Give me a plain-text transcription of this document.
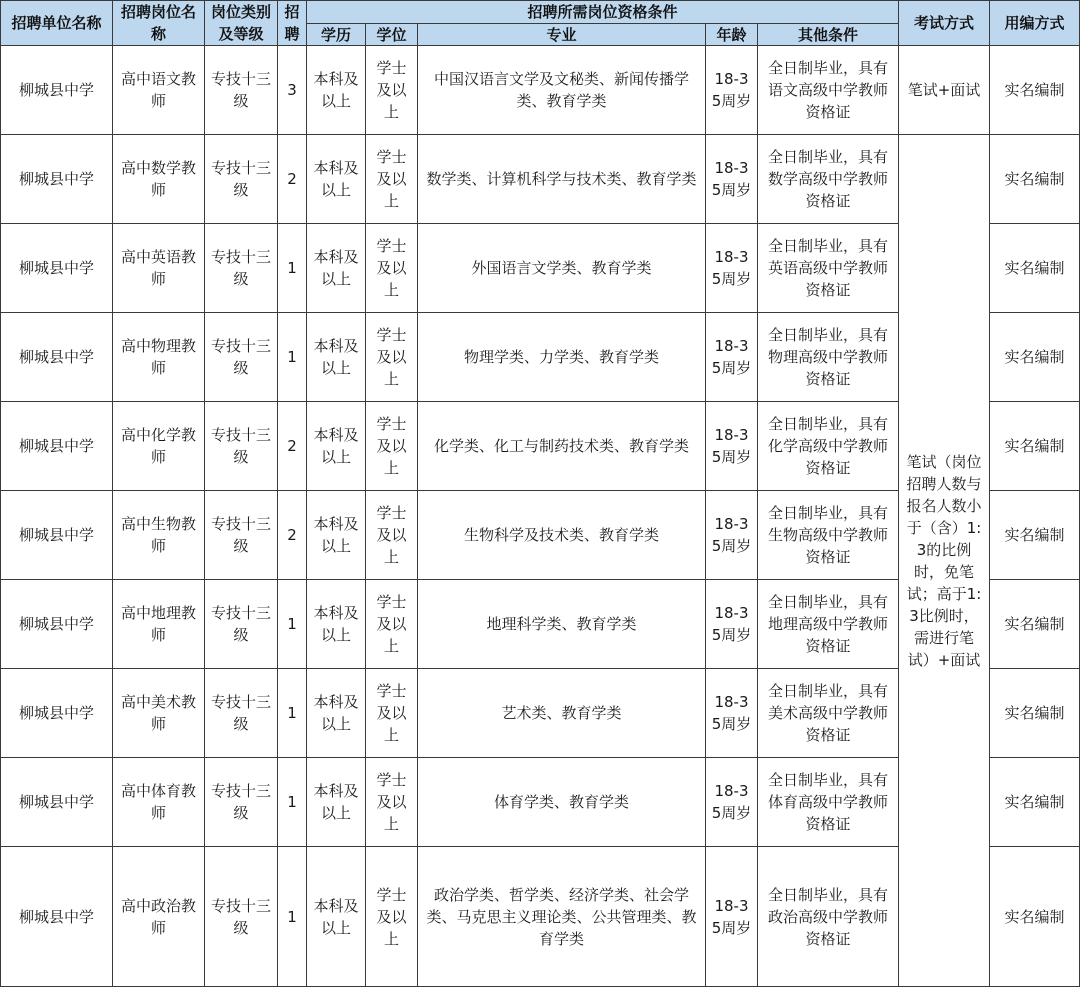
招聘单位名称	招聘岗位名称	岗位类别及等级	招聘	招聘所需岗位资格条件					考试方式	用编方式
				学历	学位	专业	年龄	其他条件		
柳城县中学	高中语文教师	专技十三级	3	本科及以上	学士及以上	中国汉语言文学及文秘类、新闻传播学类、教育学类	18-35周岁	全日制毕业，具有语文高级中学教师资格证	笔试+面试	实名编制
柳城县中学	高中数学教师	专技十三级	2	本科及以上	学士及以上	数学类、计算机科学与技术类、教育学类	18-35周岁	全日制毕业，具有数学高级中学教师资格证	笔试（岗位招聘人数与报名人数小于（含）1:3的比例时，免笔试；高于1:3比例时，需进行笔试）+面试	实名编制
柳城县中学	高中英语教师	专技十三级	1	本科及以上	学士及以上	外国语言文学类、教育学类	18-35周岁	全日制毕业，具有英语高级中学教师资格证		实名编制
柳城县中学	高中物理教师	专技十三级	1	本科及以上	学士及以上	物理学类、力学类、教育学类	18-35周岁	全日制毕业，具有物理高级中学教师资格证		实名编制
柳城县中学	高中化学教师	专技十三级	2	本科及以上	学士及以上	化学类、化工与制药技术类、教育学类	18-35周岁	全日制毕业，具有化学高级中学教师资格证		实名编制
柳城县中学	高中生物教师	专技十三级	2	本科及以上	学士及以上	生物科学及技术类、教育学类	18-35周岁	全日制毕业，具有生物高级中学教师资格证		实名编制
柳城县中学	高中地理教师	专技十三级	1	本科及以上	学士及以上	地理科学类、教育学类	18-35周岁	全日制毕业，具有地理高级中学教师资格证		实名编制
柳城县中学	高中美术教师	专技十三级	1	本科及以上	学士及以上	艺术类、教育学类	18-35周岁	全日制毕业，具有美术高级中学教师资格证		实名编制
柳城县中学	高中体育教师	专技十三级	1	本科及以上	学士及以上	体育学类、教育学类	18-35周岁	全日制毕业，具有体育高级中学教师资格证		实名编制
柳城县中学	高中政治教师	专技十三级	1	本科及以上	学士及以上	政治学类、哲学类、经济学类、社会学类、马克思主义理论类、公共管理类、教育学类	18-35周岁	全日制毕业，具有政治高级中学教师资格证		实名编制
